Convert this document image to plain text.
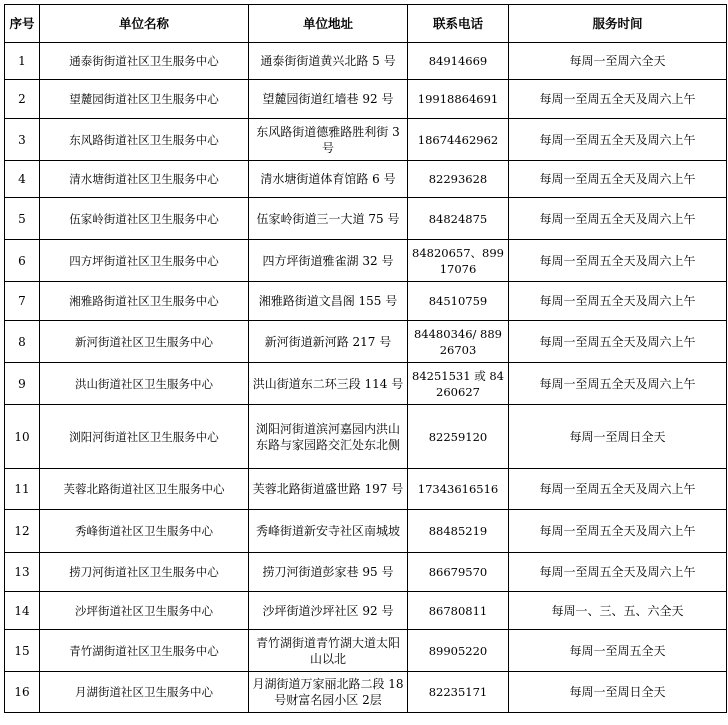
序号	单位名称	单位地址	联系电话	服务时间
1	通泰街街道社区卫生服务中心	通泰街街道黄兴北路 5 号	84914669	每周一至周六全天
2	望麓园街道社区卫生服务中心	望麓园街道红墙巷 92 号	19918864691	每周一至周五全天及周六上午
3	东风路街道社区卫生服务中心	东风路街道德雅路胜利街 3号	18674462962	每周一至周五全天及周六上午
4	清水塘街道社区卫生服务中心	清水塘街道体育馆路 6 号	82293628	每周一至周五全天及周六上午
5	伍家岭街道社区卫生服务中心	伍家岭街道三一大道 75 号	84824875	每周一至周五全天及周六上午
6	四方坪街道社区卫生服务中心	四方坪街道雅雀湖 32 号	84820657、89917076	每周一至周五全天及周六上午
7	湘雅路街道社区卫生服务中心	湘雅路街道文昌阁 155 号	84510759	每周一至周五全天及周六上午
8	新河街道社区卫生服务中心	新河街道新河路 217 号	84480346/ 88926703	每周一至周五全天及周六上午
9	洪山街道社区卫生服务中心	洪山街道东二环三段 114 号	84251531 或 84260627	每周一至周五全天及周六上午
10	浏阳河街道社区卫生服务中心	浏阳河街道滨河嘉园内洪山东路与家园路交汇处东北侧	82259120	每周一至周日全天
11	芙蓉北路街道社区卫生服务中心	芙蓉北路街道盛世路 197 号	17343616516	每周一至周五全天及周六上午
12	秀峰街道社区卫生服务中心	秀峰街道新安寺社区南城坡	88485219	每周一至周五全天及周六上午
13	捞刀河街道社区卫生服务中心	捞刀河街道彭家巷 95 号	86679570	每周一至周五全天及周六上午
14	沙坪街道社区卫生服务中心	沙坪街道沙坪社区 92 号	86780811	每周一、三、五、六全天
15	青竹湖街道社区卫生服务中心	青竹湖街道青竹湖大道太阳山以北	89905220	每周一至周五全天
16	月湖街道社区卫生服务中心	月湖街道万家丽北路二段 18号财富名园小区 2层	82235171	每周一至周日全天
